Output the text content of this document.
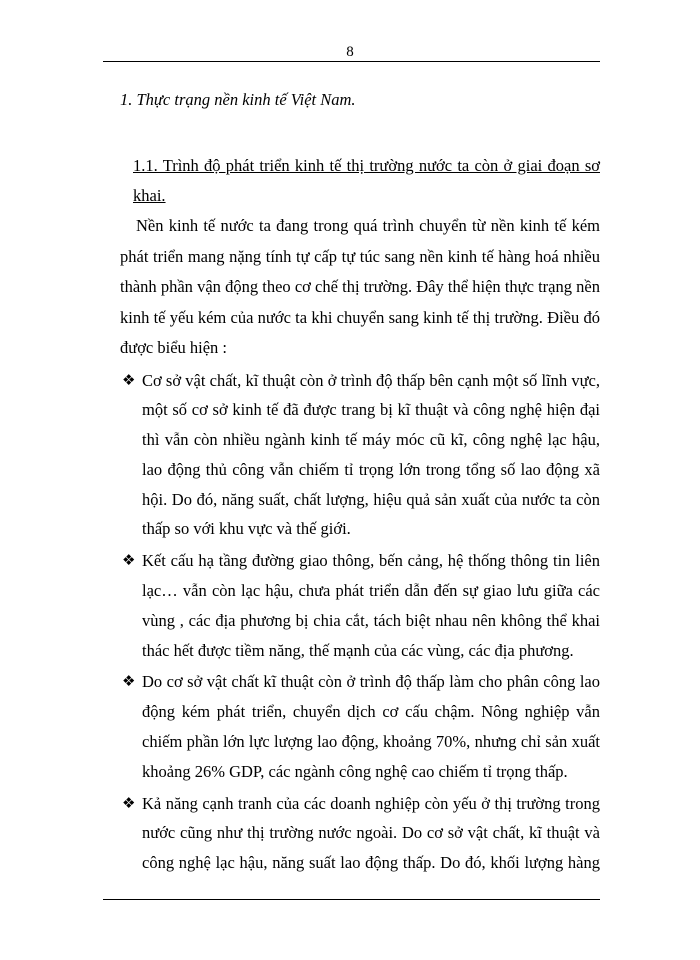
8

1. Thực trạng nền kinh tế Việt Nam.

1.1. Trình độ phát triển kinh tế thị trường nước ta còn ở giai đoạn sơ khai.

Nền kinh tế nước ta đang trong quá trình chuyển từ nền kinh tế kém phát triển mang nặng tính tự cấp tự túc sang nền kinh tế hàng hoá nhiều thành phần vận động theo cơ chế thị trường. Đây thể hiện thực trạng nền kinh tế yếu kém của nước ta khi chuyển sang kinh tế thị trường. Điều đó được biểu hiện :

❖ Cơ sở vật chất, kĩ thuật còn ở trình độ thấp bên cạnh một số lĩnh vực, một số cơ sở kinh tế đã được trang bị kĩ thuật và công nghệ hiện đại thì vẫn còn nhiều ngành kinh tế máy móc cũ kĩ, công nghệ lạc hậu, lao động thủ công vẫn chiếm tỉ trọng lớn trong tổng số lao động xã hội. Do đó, năng suất, chất lượng, hiệu quả sản xuất của nước ta còn thấp so với khu vực và thế giới.
❖ Kết cấu hạ tầng đường giao thông, bến cảng, hệ thống thông tin liên lạc… vẫn còn lạc hậu, chưa phát triển dẫn đến sự giao lưu giữa các vùng , các địa phương bị chia cắt, tách biệt nhau nên không thể khai thác hết được tiềm năng, thế mạnh của các vùng, các địa phương.
❖ Do cơ sở vật chất kĩ thuật còn ở trình độ thấp làm cho phân công lao động kém phát triển, chuyển dịch cơ cấu chậm. Nông nghiệp vẫn chiếm phần lớn lực lượng lao động, khoảng 70%, nhưng chỉ sản xuất khoảng 26% GDP, các ngành công nghệ cao chiếm tỉ trọng thấp.
❖ Kả năng cạnh tranh của các doanh nghiệp còn yếu ở thị trường trong nước cũng như thị trường nước ngoài. Do cơ sở vật chất, kĩ thuật và công nghệ lạc hậu, năng suất lao động thấp. Do đó, khối lượng hàng
